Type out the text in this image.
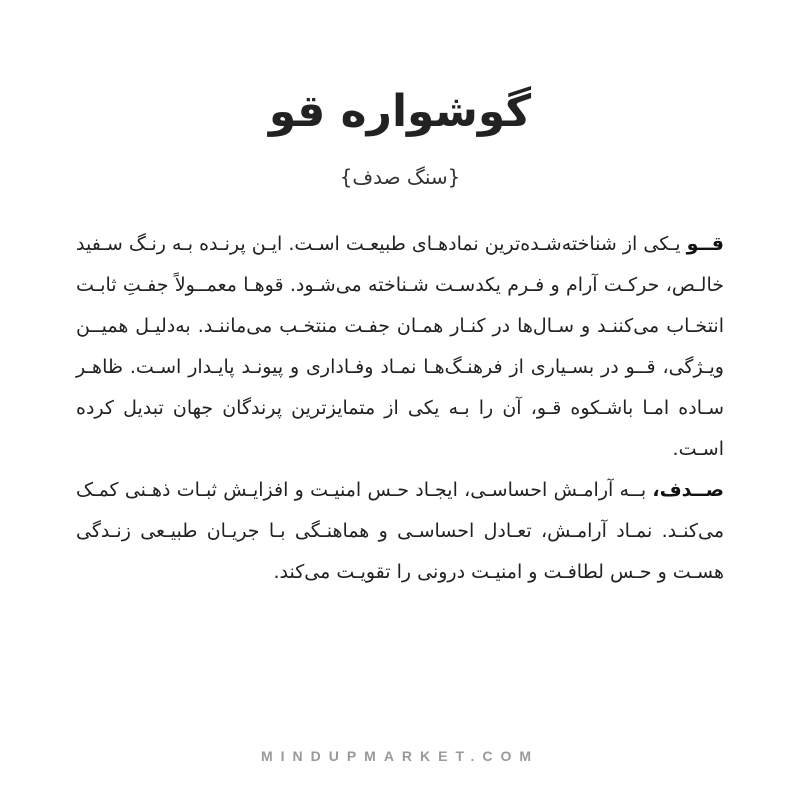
گوشواره قو
{سنگ صدف}

قــو یـکی از شناخته‌شـده‌ترین نمادهـای طبیعـت اسـت. ایـن پرنـده بـه رنـگ سـفید خالـص، حرکـت آرام و فـرم یکدسـت شـناخته می‌شـود. قوهـا معمــولاً جفـتِ ثابـت انتخـاب می‌کننـد و سـال‌ها در کنـار همـان جفـت منتخـب می‌ماننـد. به‌دلیـل همیــن ویـژگی، قــو در بسـیاری از فرهنـگ‌هـا نمـاد وفـاداری و پیونـد پایـدار اسـت. ظاهـر سـاده امـا باشـکوه قـو، آن را بـه یکی از متمایزترین پرندگان جهان تبدیل کرده اسـت.

صــدف، بــه آرامـش احساسـی، ایجـاد حـس امنیـت و افزایـش ثبـات ذهـنی کمـک می‌کنـد. نمـاد آرامـش، تعـادل احساسـی و هماهنـگی بـا جریـان طبیـعی زنـدگی هسـت و حـس لطافـت و امنیـت درونی را تقویـت می‌کند.

MINDUPMARKET.COM
